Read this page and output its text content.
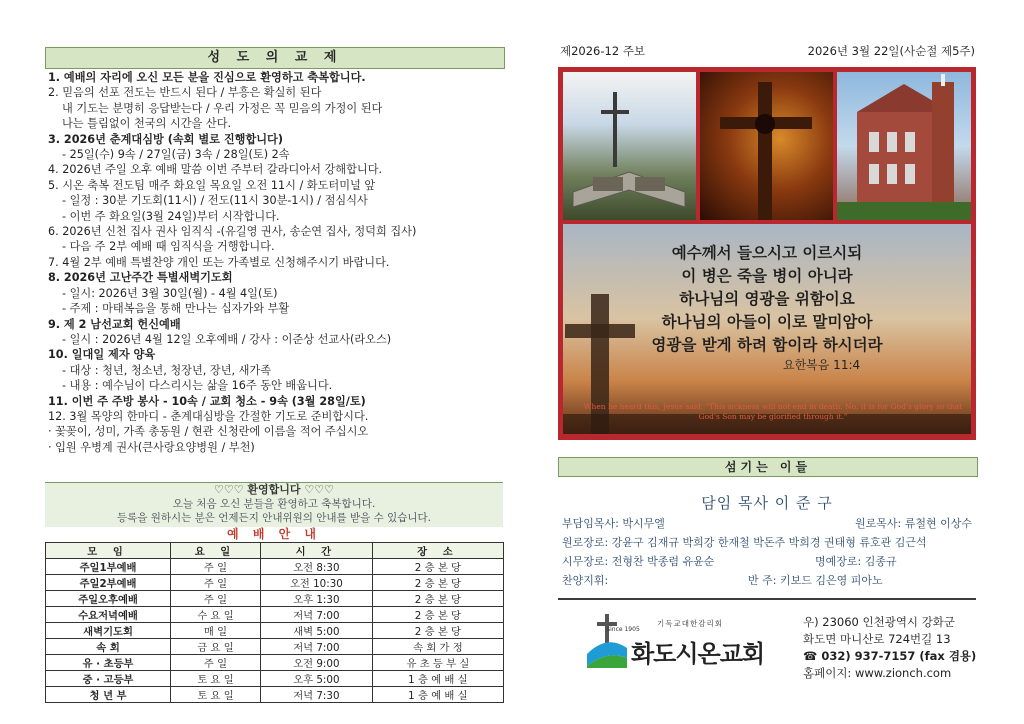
성 도 의 교 제
1. 예배의 자리에 오신 모든 분을 진심으로 환영하고 축복합니다.
2. 믿음의 선포 전도는 반드시 된다 / 부흥은 확실히 된다
내 기도는 분명히 응답받는다 / 우리 가정은 꼭 믿음의 가정이 된다
나는 틀림없이 천국의 시간을 산다.
3. 2026년 춘계대심방 (속회 별로 진행합니다)
- 25일(수) 9속 / 27일(금) 3속 / 28일(토) 2속
4. 2026년 주일 오후 예배 말씀 이번 주부터 갈라디아서 강해합니다.
5. 시온 축복 전도팀 매주 화요일 목요일 오전 11시 / 화도터미널 앞
- 일정 : 30분 기도회(11시) / 전도(11시 30분-1시) / 점심식사
- 이번 주 화요일(3월 24일)부터 시작합니다.
6. 2026년 신천 집사 권사 임직식 -(유길영 권사, 송순연 집사, 정덕희 집사)
- 다음 주 2부 예배 때 임직식을 거행합니다.
7. 4월 2부 예배 특별찬양 개인 또는 가족별로 신청해주시기 바랍니다.
8. 2026년 고난주간 특별새벽기도회
- 일시: 2026년 3월 30일(월) - 4월 4일(토)
- 주제 : 마태복음을 통해 만나는 십자가와 부활
9. 제 2 남선교회 헌신예배
- 일시 : 2026년 4월 12일 오후예배 / 강사 : 이준상 선교사(라오스)
10. 일대일 제자 양육
- 대상 : 청년, 청소년, 청장년, 장년, 새가족
- 내용 : 예수님이 다스리시는 삶을 16주 동안 배웁니다.
11. 이번 주 주방 봉사 - 10속 / 교회 청소 - 9속 (3월 28일/토)
12. 3월 목양의 한마디 - 춘계대심방을 간절한 기도로 준비합시다.
· 꽃꽂이, 성미, 가족 총동원 / 현관 신청란에 이름을 적어 주십시오
· 입원 우병계 권사(큰사랑요양병원 / 부천)
♡♡♡ 환영합니다 ♡♡♡
오늘 처음 오신 분들을 환영하고 축복합니다.
등록을 원하시는 분은 언제든지 안내위원의 안내를 받을 수 있습니다.
예 배 안 내
모 임	요 일	시 간	장 소
주일1부예배	주 일	오전 8:30	2 층 본 당
주일2부예배	주 일	오전 10:30	2 층 본 당
주일오후예배	주 일	오후 1:30	2 층 본 당
수요저녁예배	수 요 일	저녁 7:00	2 층 본 당
새벽기도회	매 일	새벽 5:00	2 층 본 당
속 회	금 요 일	저녁 7:00	속 회 가 정
유 · 초등부	주 일	오전 9:00	유 초 등 부 실
중 · 고등부	토 요 일	오후 5:00	1 층 예 배 실
청 년 부	토 요 일	저녁 7:30	1 층 예 배 실
제2026-12 주보	2026년 3월 22일(사순절 제5주)
예수께서 들으시고 이르시되
이 병은 죽을 병이 아니라
하나님의 영광을 위함이요
하나님의 아들이 이로 말미암아
영광을 받게 하려 함이라 하시더라
요한복음 11:4
When he heard this, Jesus said, "This sickness will not end in death. No, it is for God's glory so that God's Son may be glorified through it."
섬기는 이들
담임 목사 이 준 구
부담임목사: 박시무엘	원로목사: 류철현 이상수
원로장로: 강윤구 김재규 박희강 한재철 박돈주 박희경 권태형 류호관 김근석
시무장로: 전형찬 박종렴 유윤순	명예장로: 김종규
찬양지휘:	반 주: 키보드 김은영 피아노
since 1905
기독교대한감리회
화도시온교회
우) 23060 인천광역시 강화군
화도면 마니산로 724번길 13
☎ 032) 937-7157 (fax 겸용)
홈페이지: www.zionch.com
